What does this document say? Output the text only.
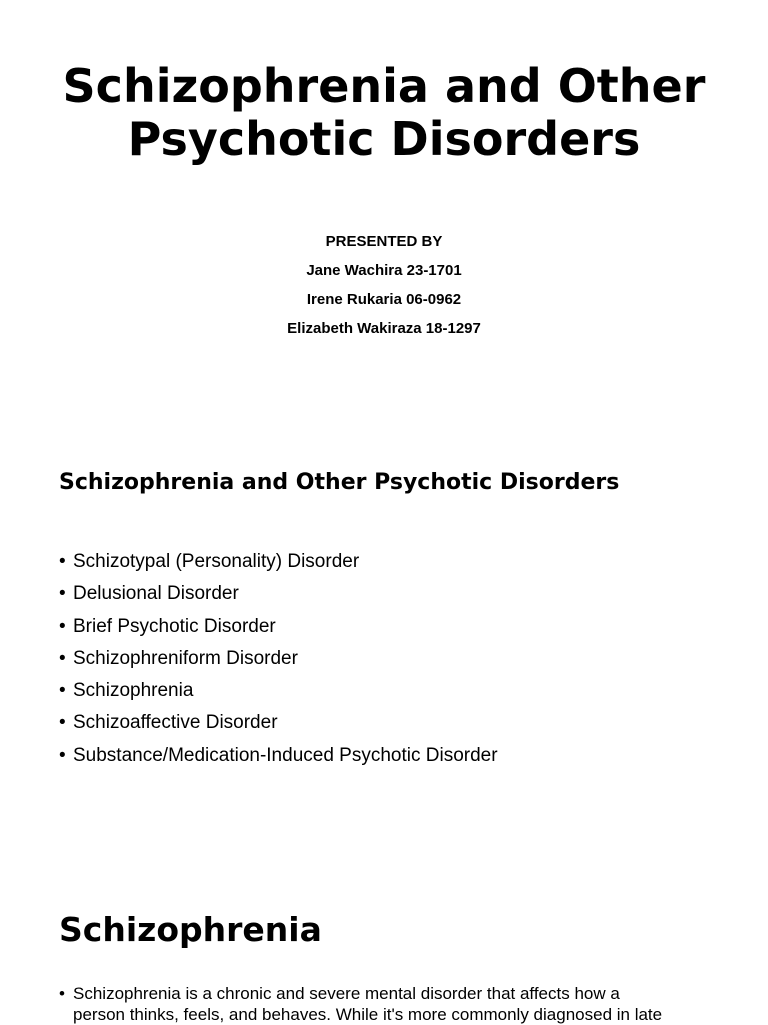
Schizophrenia and Other Psychotic Disorders
PRESENTED BY
Jane Wachira 23-1701
Irene Rukaria 06-0962
Elizabeth Wakiraza 18-1297
Schizophrenia and Other Psychotic Disorders
• Schizotypal (Personality) Disorder
• Delusional Disorder
• Brief Psychotic Disorder
• Schizophreniform Disorder
• Schizophrenia
• Schizoaffective Disorder
• Substance/Medication-Induced Psychotic Disorder
Schizophrenia
• Schizophrenia is a chronic and severe mental disorder that affects how a
person thinks, feels, and behaves. While it's more commonly diagnosed in late
